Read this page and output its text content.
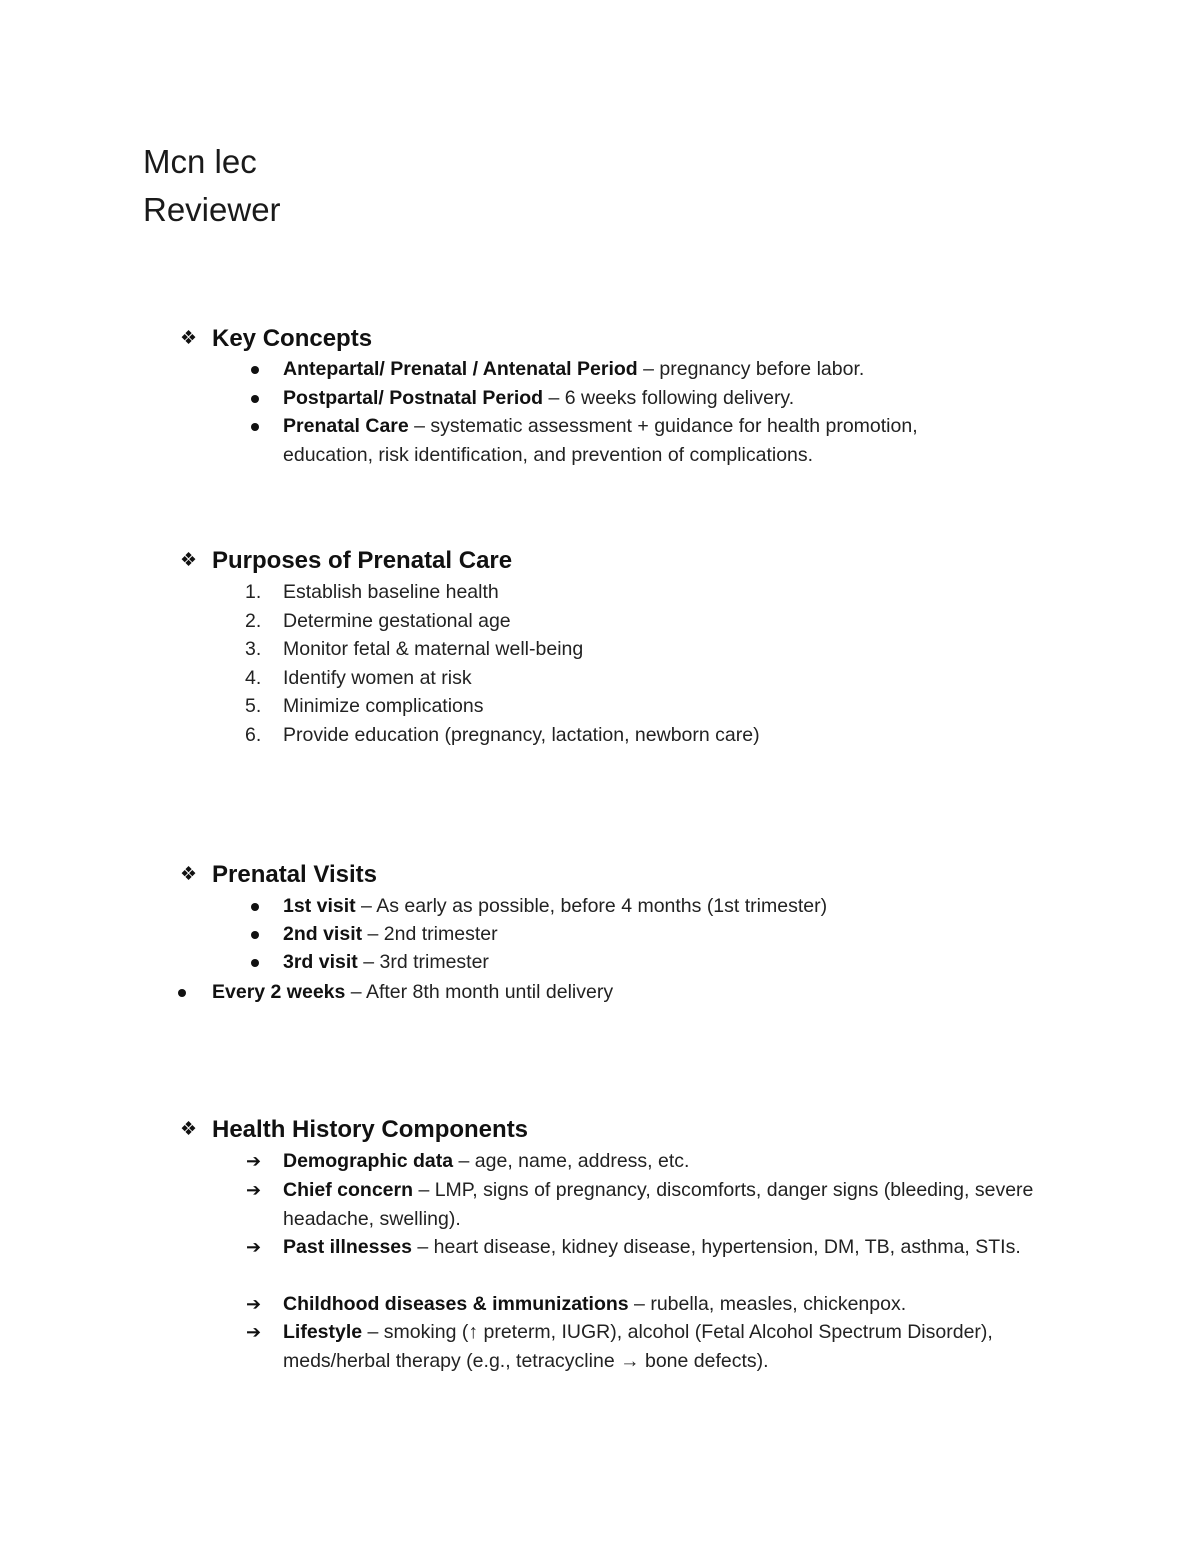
Mcn lec
Reviewer
❖ Key Concepts
Antepartal/ Prenatal / Antenatal Period – pregnancy before labor.
Postpartal/ Postnatal Period – 6 weeks following delivery.
Prenatal Care – systematic assessment + guidance for health promotion, education, risk identification, and prevention of complications.
❖ Purposes of Prenatal Care
1.	Establish baseline health
2.	Determine gestational age
3.	Monitor fetal & maternal well-being
4.	Identify women at risk
5.	Minimize complications
6.	Provide education (pregnancy, lactation, newborn care)
❖ Prenatal Visits
1st visit – As early as possible, before 4 months (1st trimester)
2nd visit – 2nd trimester
3rd visit – 3rd trimester
Every 2 weeks – After 8th month until delivery
❖ Health History Components
➔ Demographic data – age, name, address, etc.
➔ Chief concern – LMP, signs of pregnancy, discomforts, danger signs (bleeding, severe headache, swelling).
➔ Past illnesses – heart disease, kidney disease, hypertension, DM, TB, asthma, STIs.
➔ Childhood diseases & immunizations – rubella, measles, chickenpox.
➔ Lifestyle – smoking (↑ preterm, IUGR), alcohol (Fetal Alcohol Spectrum Disorder), meds/herbal therapy (e.g., tetracycline → bone defects).
